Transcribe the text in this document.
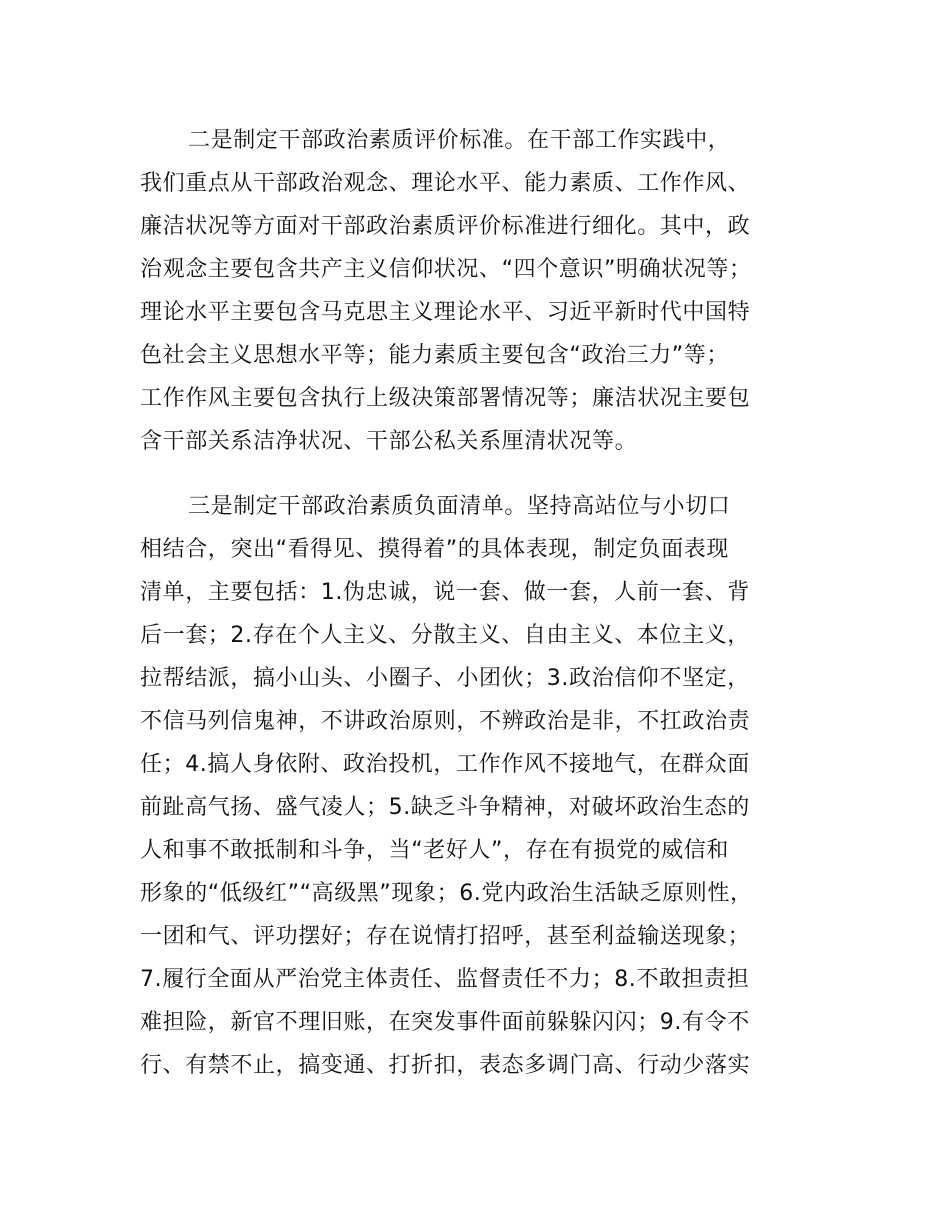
二是制定干部政治素质评价标准。在干部工作实践中，
我们重点从干部政治观念、理论水平、能力素质、工作作风、
廉洁状况等方面对干部政治素质评价标准进行细化。其中，政
治观念主要包含共产主义信仰状况、“四个意识”明确状况等；
理论水平主要包含马克思主义理论水平、习近平新时代中国特
色社会主义思想水平等；能力素质主要包含“政治三力”等；
工作作风主要包含执行上级决策部署情况等；廉洁状况主要包
含干部关系洁净状况、干部公私关系厘清状况等。
三是制定干部政治素质负面清单。坚持高站位与小切口
相结合，突出“看得见、摸得着”的具体表现，制定负面表现
清单，主要包括：1.伪忠诚，说一套、做一套，人前一套、背
后一套；2.存在个人主义、分散主义、自由主义、本位主义，
拉帮结派，搞小山头、小圈子、小团伙；3.政治信仰不坚定，
不信马列信鬼神，不讲政治原则，不辨政治是非，不扛政治责
任；4.搞人身依附、政治投机，工作作风不接地气，在群众面
前趾高气扬、盛气凌人；5.缺乏斗争精神，对破坏政治生态的
人和事不敢抵制和斗争，当“老好人”，存在有损党的威信和
形象的“低级红”“高级黑”现象；6.党内政治生活缺乏原则性，
一团和气、评功摆好；存在说情打招呼，甚至利益输送现象；
7.履行全面从严治党主体责任、监督责任不力；8.不敢担责担
难担险，新官不理旧账，在突发事件面前躲躲闪闪；9.有令不
行、有禁不止，搞变通、打折扣，表态多调门高、行动少落实
